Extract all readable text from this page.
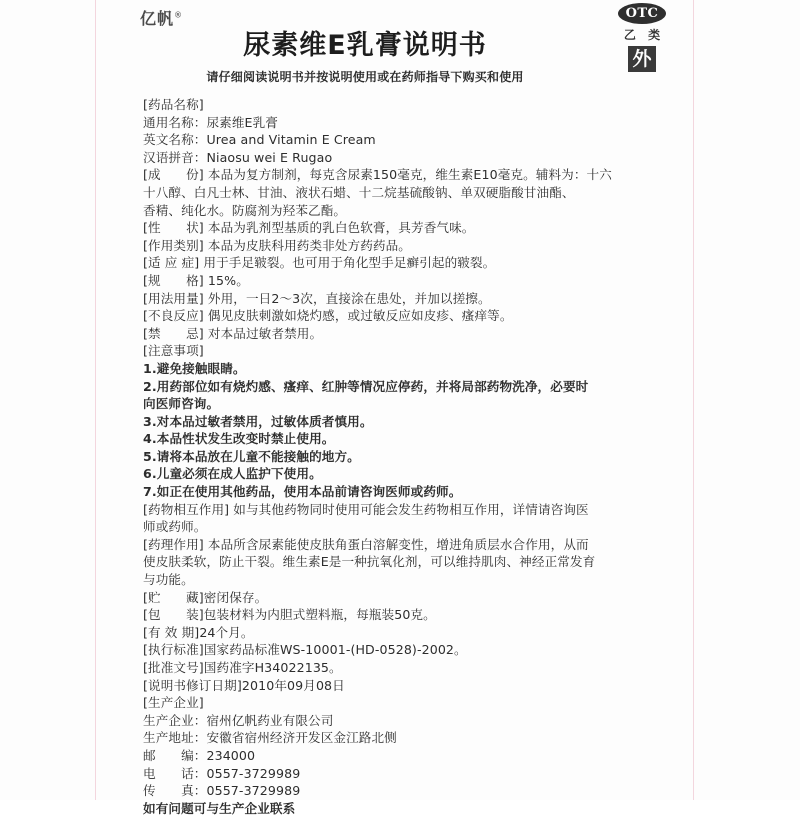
亿帆®	OTC
乙 类
外
尿素维E乳膏说明书
请仔细阅读说明书并按说明使用或在药师指导下购买和使用
[药品名称]
通用名称：尿素维E乳膏
英文名称：Urea and Vitamin E Cream
汉语拼音：Niaosu wei E Rugao
[成　　份] 本品为复方制剂，每克含尿素150毫克，维生素E10毫克。辅料为：十六
十八醇、白凡士林、甘油、液状石蜡、十二烷基硫酸钠、单双硬脂酸甘油酯、
香精、纯化水。防腐剂为羟苯乙酯。
[性　　状] 本品为乳剂型基质的乳白色软膏，具芳香气味。
[作用类别] 本品为皮肤科用药类非处方药药品。
[适 应 症] 用于手足皲裂。也可用于角化型手足癣引起的皲裂。
[规　　格] 15%。
[用法用量] 外用，一日2～3次，直接涂在患处，并加以搓擦。
[不良反应] 偶见皮肤刺激如烧灼感，或过敏反应如皮疹、瘙痒等。
[禁　　忌] 对本品过敏者禁用。
[注意事项]
1.避免接触眼睛。
2.用药部位如有烧灼感、瘙痒、红肿等情况应停药，并将局部药物洗净，必要时
向医师咨询。
3.对本品过敏者禁用，过敏体质者慎用。
4.本品性状发生改变时禁止使用。
5.请将本品放在儿童不能接触的地方。
6.儿童必须在成人监护下使用。
7.如正在使用其他药品，使用本品前请咨询医师或药师。
[药物相互作用] 如与其他药物同时使用可能会发生药物相互作用，详情请咨询医
师或药师。
[药理作用] 本品所含尿素能使皮肤角蛋白溶解变性，增进角质层水合作用，从而
使皮肤柔软，防止干裂。维生素E是一种抗氧化剂，可以维持肌肉、神经正常发育
与功能。
[贮　　藏]密闭保存。
[包　　装]包装材料为内胆式塑料瓶，每瓶装50克。
[有 效 期]24个月。
[执行标准]国家药品标准WS-10001-(HD-0528)-2002。
[批准文号]国药准字H34022135。
[说明书修订日期]2010年09月08日
[生产企业]
生产企业：宿州亿帆药业有限公司
生产地址：安徽省宿州经济开发区金江路北侧
邮　　编：234000
电　　话：0557-3729989
传　　真：0557-3729989
如有问题可与生产企业联系
